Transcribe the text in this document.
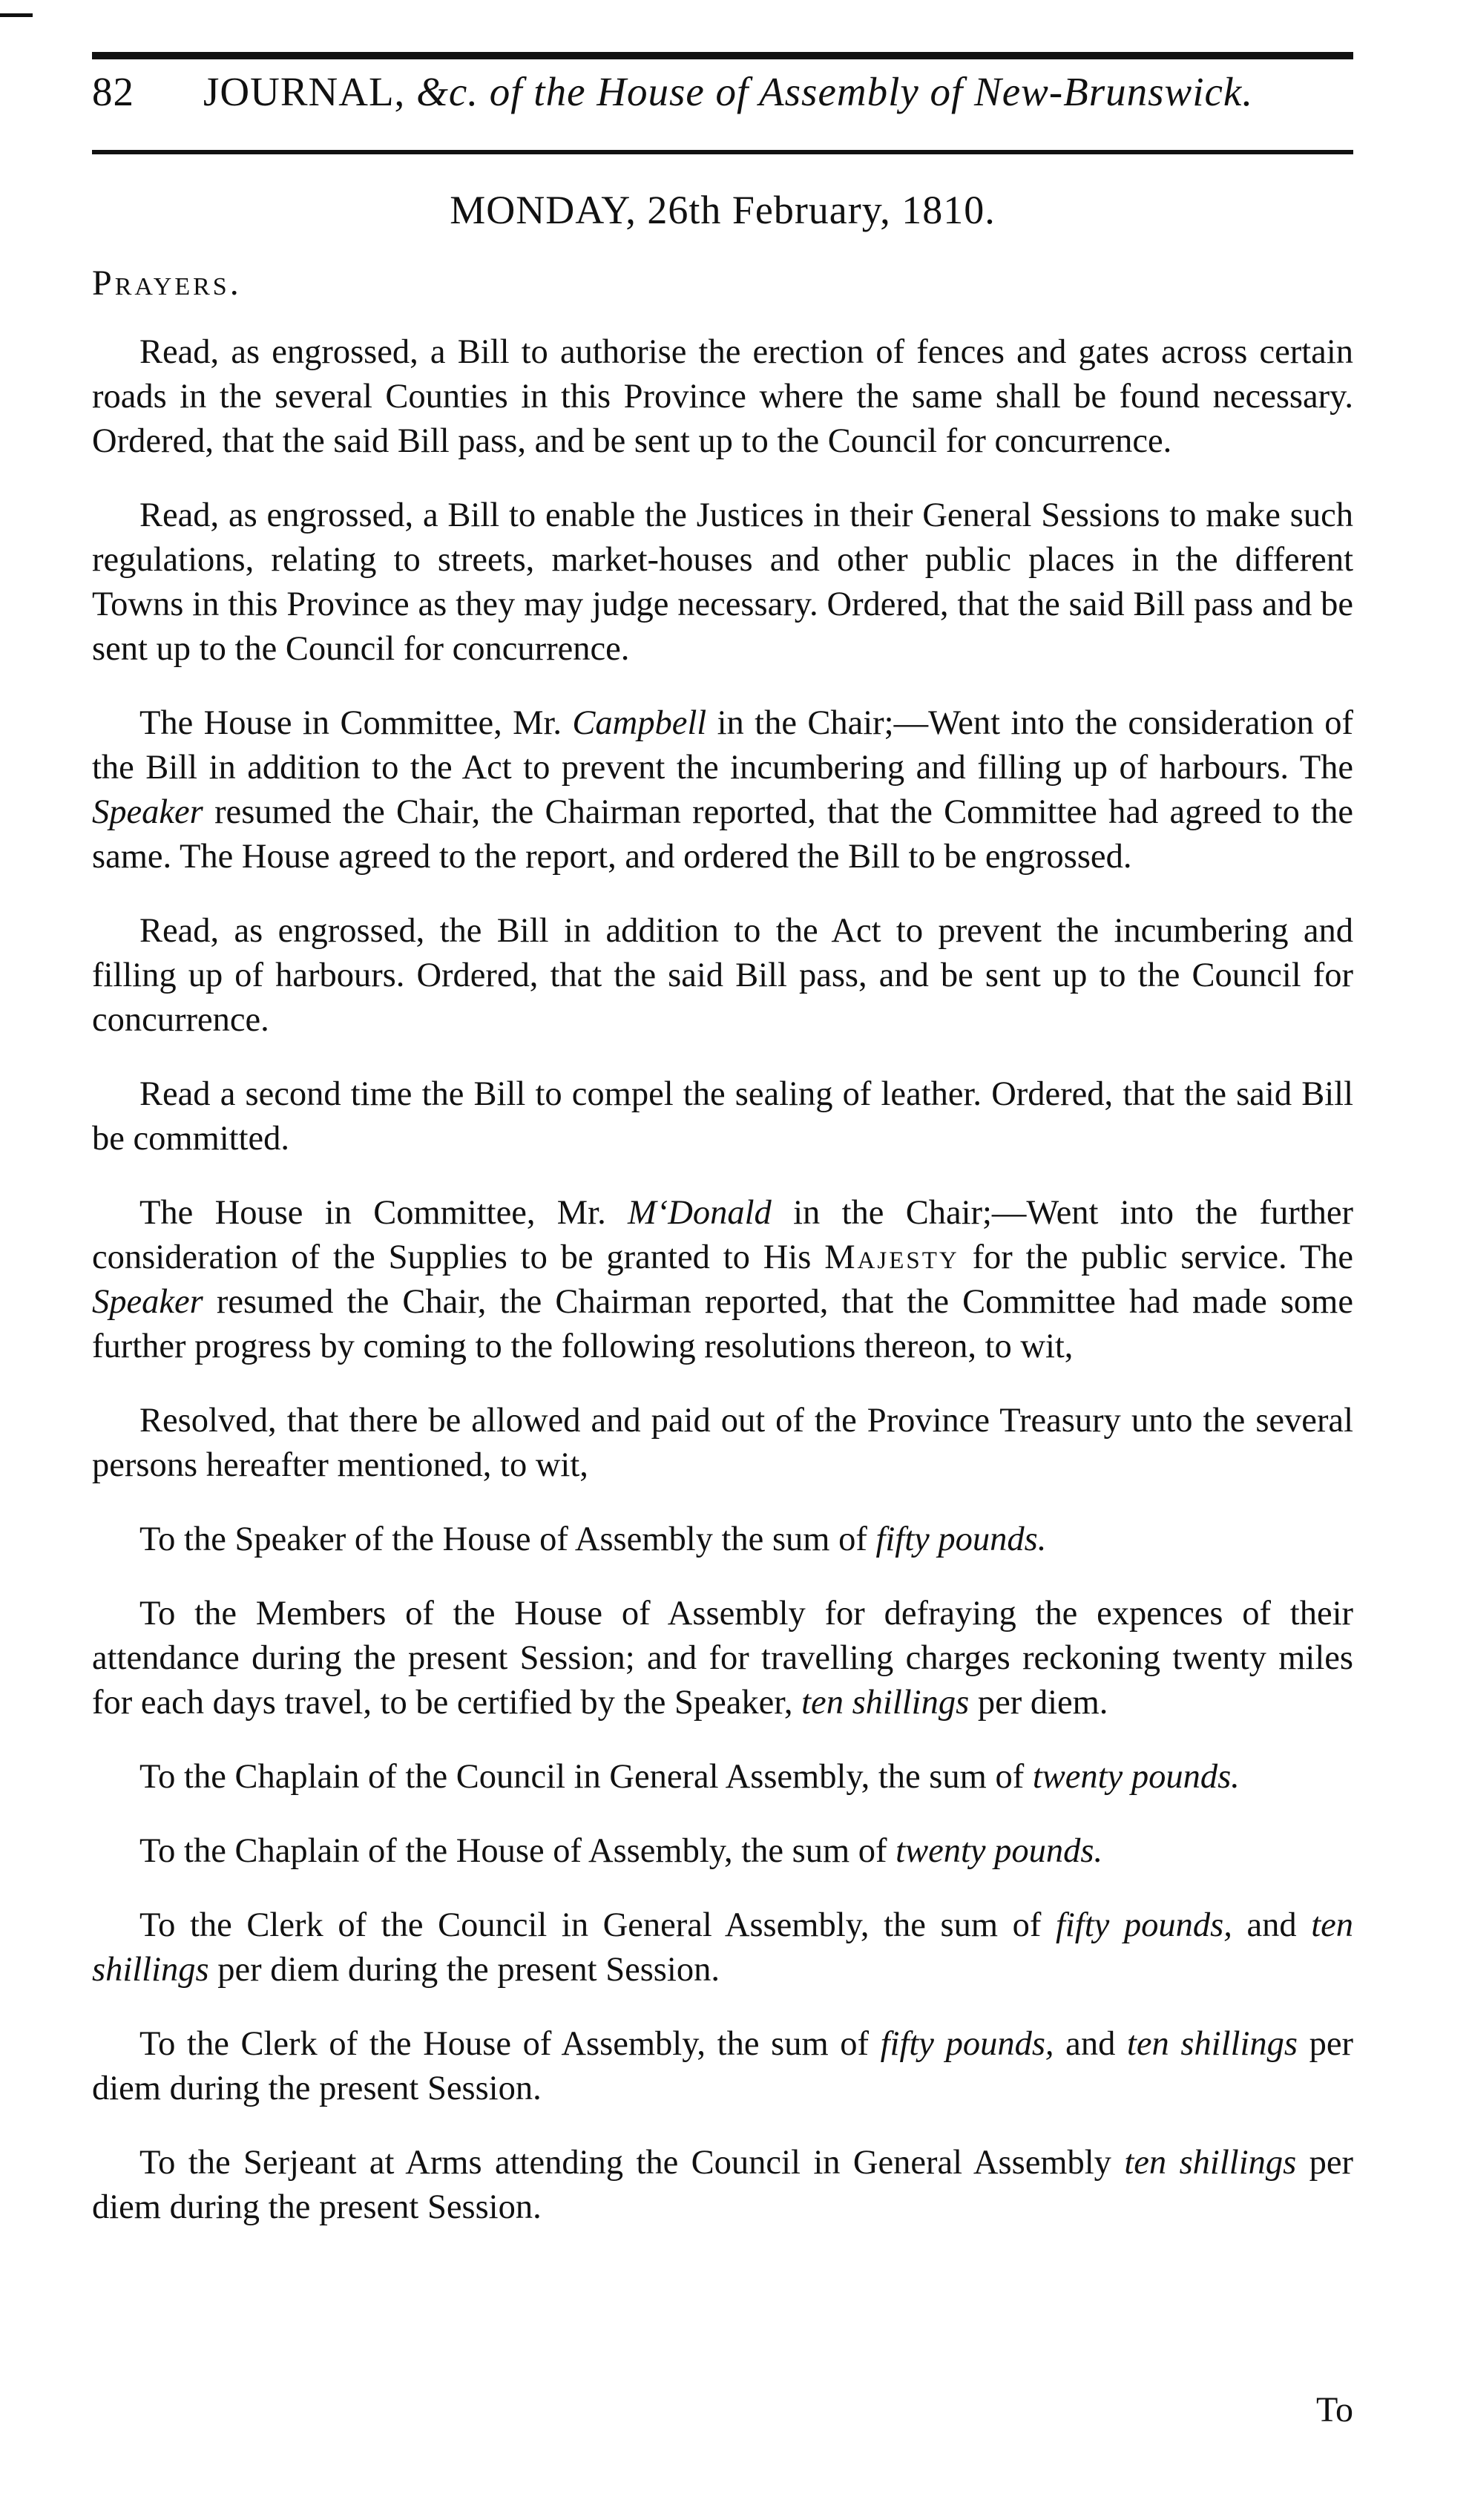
82	JOURNAL, &c. of the House of Assembly of New-Brunswick.
MONDAY, 26th February, 1810.
Prayers.

Read, as engrossed, a Bill to authorise the erection of fences and gates across certain roads in the several Counties in this Province where the same shall be found necessary. Ordered, that the said Bill pass, and be sent up to the Council for concurrence.

Read, as engrossed, a Bill to enable the Justices in their General Sessions to make such regulations, relating to streets, market-houses and other public places in the different Towns in this Province as they may judge necessary. Ordered, that the said Bill pass and be sent up to the Council for concurrence.

The House in Committee, Mr. Campbell in the Chair;—Went into the consideration of the Bill in addition to the Act to prevent the incumbering and filling up of harbours. The Speaker resumed the Chair, the Chairman reported, that the Committee had agreed to the same. The House agreed to the report, and ordered the Bill to be engrossed.

Read, as engrossed, the Bill in addition to the Act to prevent the incumbering and filling up of harbours. Ordered, that the said Bill pass, and be sent up to the Council for concurrence.

Read a second time the Bill to compel the sealing of leather. Ordered, that the said Bill be committed.

The House in Committee, Mr. M‘Donald in the Chair;—Went into the further consideration of the Supplies to be granted to His Majesty for the public service. The Speaker resumed the Chair, the Chairman reported, that the Committee had made some further progress by coming to the following resolutions thereon, to wit,

Resolved, that there be allowed and paid out of the Province Treasury unto the several persons hereafter mentioned, to wit,

To the Speaker of the House of Assembly the sum of fifty pounds.

To the Members of the House of Assembly for defraying the expences of their attendance during the present Session; and for travelling charges reckoning twenty miles for each days travel, to be certified by the Speaker, ten shillings per diem.

To the Chaplain of the Council in General Assembly, the sum of twenty pounds.

To the Chaplain of the House of Assembly, the sum of twenty pounds.

To the Clerk of the Council in General Assembly, the sum of fifty pounds, and ten shillings per diem during the present Session.

To the Clerk of the House of Assembly, the sum of fifty pounds, and ten shillings per diem during the present Session.

To the Serjeant at Arms attending the Council in General Assembly ten shillings per diem during the present Session.

To
